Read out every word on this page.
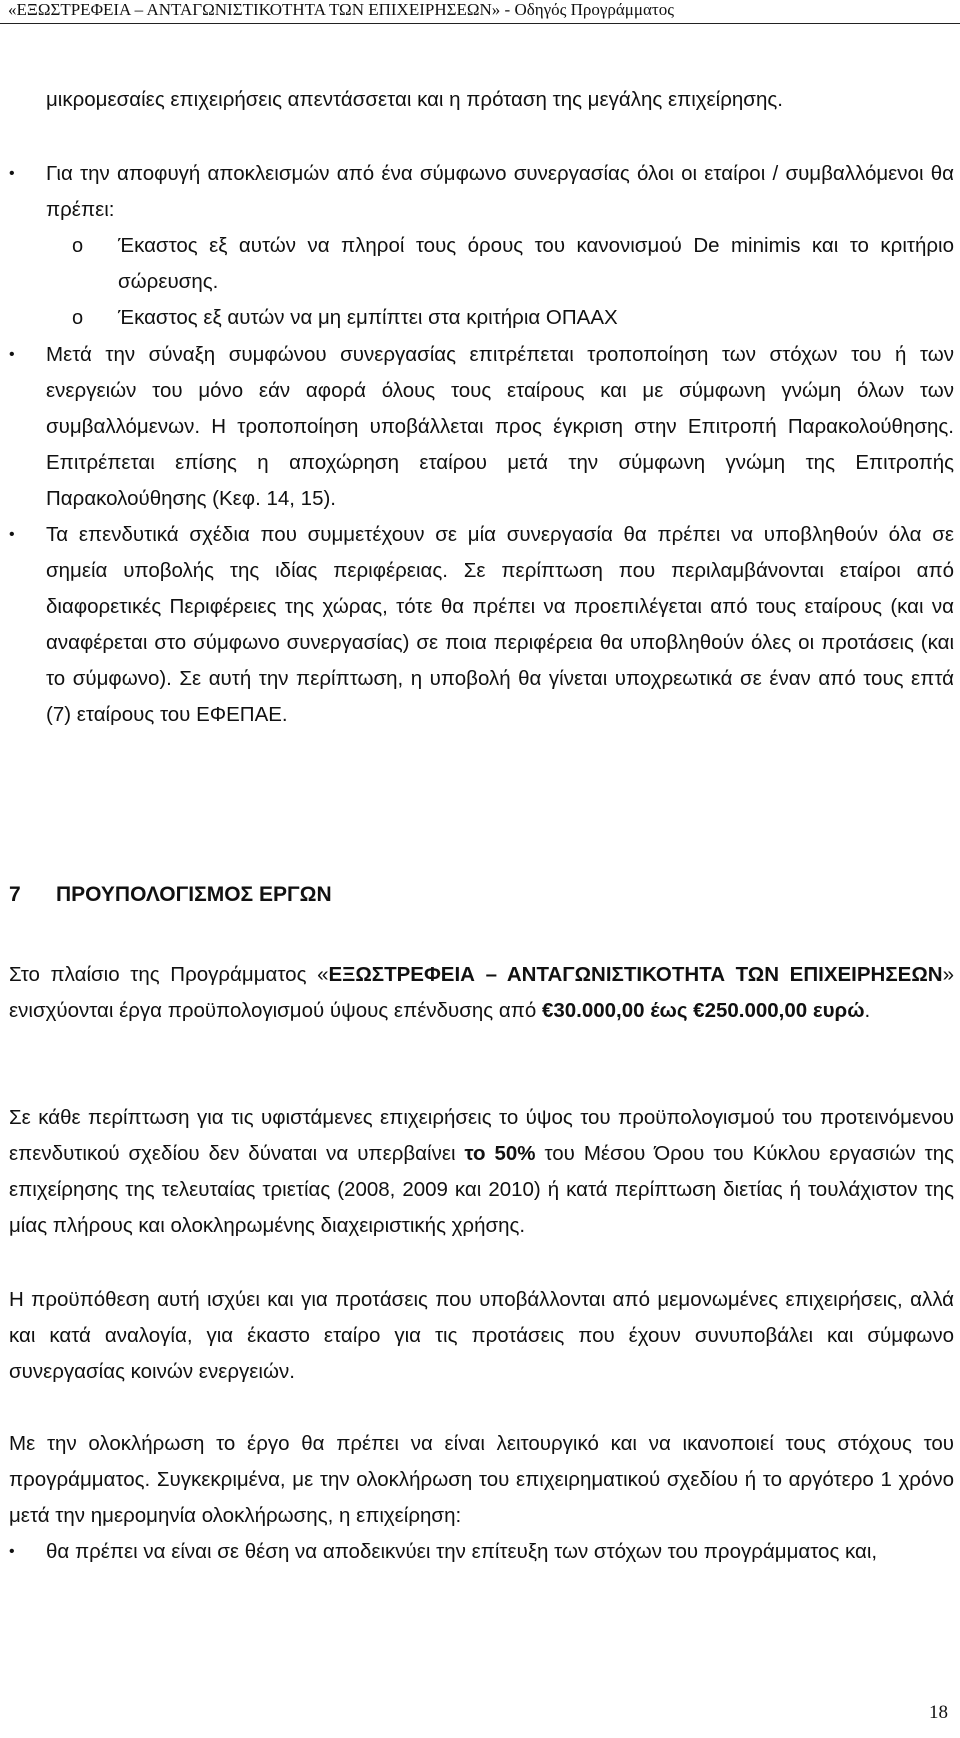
«ΕΞΩΣΤΡΕΦΕΙΑ – ΑΝΤΑΓΩΝΙΣΤΙΚΟΤΗΤΑ ΤΩΝ ΕΠΙΧΕΙΡΗΣΕΩΝ» - Οδηγός Προγράμματος
μικρομεσαίες επιχειρήσεις απεντάσσεται και η πρόταση της μεγάλης επιχείρησης.
• Για την αποφυγή αποκλεισμών από ένα σύμφωνο συνεργασίας όλοι οι εταίροι / συμβαλλόμενοι θα πρέπει:
o Έκαστος εξ αυτών να πληροί τους όρους του κανονισμού De minimis και το κριτήριο σώρευσης.
o Έκαστος εξ αυτών να μη εμπίπτει στα κριτήρια ΟΠΑΑΧ
• Μετά την σύναξη συμφώνου συνεργασίας επιτρέπεται τροποποίηση των στόχων του ή των ενεργειών του μόνο εάν αφορά όλους τους εταίρους και με σύμφωνη γνώμη όλων των συμβαλλόμενων. Η τροποποίηση υποβάλλεται προς έγκριση στην Επιτροπή Παρακολούθησης. Επιτρέπεται επίσης η αποχώρηση εταίρου μετά την σύμφωνη γνώμη της Επιτροπής Παρακολούθησης (Κεφ. 14, 15).
• Τα επενδυτικά σχέδια που συμμετέχουν σε μία συνεργασία θα πρέπει να υποβληθούν όλα σε σημεία υποβολής της ιδίας περιφέρειας. Σε περίπτωση που περιλαμβάνονται εταίροι από διαφορετικές Περιφέρειες της χώρας, τότε θα πρέπει να προεπιλέγεται από τους εταίρους (και να αναφέρεται στο σύμφωνο συνεργασίας) σε ποια περιφέρεια θα υποβληθούν όλες οι προτάσεις (και το σύμφωνο). Σε αυτή την περίπτωση, η υποβολή θα γίνεται υποχρεωτικά σε έναν από τους επτά (7) εταίρους του ΕΦΕΠΑΕ.
7 ΠΡΟΥΠΟΛΟΓΙΣΜΟΣ ΕΡΓΩΝ
Στο πλαίσιο της Προγράμματος «ΕΞΩΣΤΡΕΦΕΙΑ – ΑΝΤΑΓΩΝΙΣΤΙΚΟΤΗΤΑ ΤΩΝ ΕΠΙΧΕΙΡΗΣΕΩΝ» ενισχύονται έργα προϋπολογισμού ύψους επένδυσης από €30.000,00 έως €250.000,00 ευρώ.
Σε κάθε περίπτωση για τις υφιστάμενες επιχειρήσεις το ύψος του προϋπολογισμού του προτεινόμενου επενδυτικού σχεδίου δεν δύναται να υπερβαίνει το 50% του Μέσου Όρου του Κύκλου εργασιών της επιχείρησης της τελευταίας τριετίας (2008, 2009 και 2010) ή κατά περίπτωση διετίας ή τουλάχιστον της μίας πλήρους και ολοκληρωμένης διαχειριστικής χρήσης.
Η προϋπόθεση αυτή ισχύει και για προτάσεις που υποβάλλονται από μεμονωμένες επιχειρήσεις, αλλά και κατά αναλογία, για έκαστο εταίρο για τις προτάσεις που έχουν συνυποβάλει και σύμφωνο συνεργασίας κοινών ενεργειών.
Με την ολοκλήρωση το έργο θα πρέπει να είναι λειτουργικό και να ικανοποιεί τους στόχους του προγράμματος. Συγκεκριμένα, με την ολοκλήρωση του επιχειρηματικού σχεδίου ή το αργότερο 1 χρόνο μετά την ημερομηνία ολοκλήρωσης, η επιχείρηση:
• θα πρέπει να είναι σε θέση να αποδεικνύει την επίτευξη των στόχων του προγράμματος και,
18
